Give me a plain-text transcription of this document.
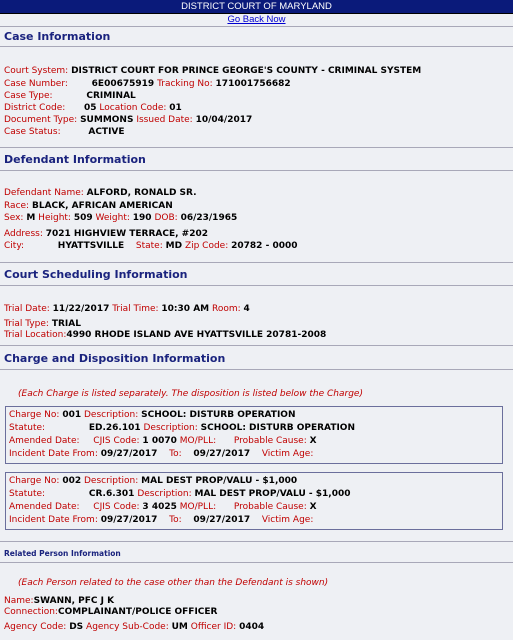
DISTRICT COURT OF MARYLAND
Go Back Now
Case Information
Court System: DISTRICT COURT FOR PRINCE GEORGE'S COUNTY - CRIMINAL SYSTEM
Case Number:	6E00675919 Tracking No: 171001756682
Case Type:	CRIMINAL
District Code: 05 Location Code: 01
Document Type: SUMMONS Issued Date: 10/04/2017
Case Status:	ACTIVE
Defendant Information
Defendant Name: ALFORD, RONALD SR.
Race: BLACK, AFRICAN AMERICAN
Sex: M Height: 509 Weight: 190 DOB: 06/23/1965
Address: 7021 HIGHVIEW TERRACE, #202
City:	HYATTSVILLE State: MD Zip Code: 20782 - 0000
Court Scheduling Information
Trial Date: 11/22/2017 Trial Time: 10:30 AM Room: 4
Trial Type: TRIAL
Trial Location:4990 RHODE ISLAND AVE HYATTSVILLE 20781-2008
Charge and Disposition Information
(Each Charge is listed separately. The disposition is listed below the Charge)
Charge No: 001 Description: SCHOOL: DISTURB OPERATION
Statute:	ED.26.101 Description: SCHOOL: DISTURB OPERATION
Amended Date: CJIS Code: 1 0070 MO/PLL: Probable Cause: X
Incident Date From: 09/27/2017 To: 09/27/2017 Victim Age:
Charge No: 002 Description: MAL DEST PROP/VALU - $1,000
Statute:	CR.6.301 Description: MAL DEST PROP/VALU - $1,000
Amended Date: CJIS Code: 3 4025 MO/PLL: Probable Cause: X
Incident Date From: 09/27/2017 To: 09/27/2017 Victim Age:
Related Person Information
(Each Person related to the case other than the Defendant is shown)
Name:SWANN, PFC J K
Connection:COMPLAINANT/POLICE OFFICER
Agency Code: DS Agency Sub-Code: UM Officer ID: 0404
